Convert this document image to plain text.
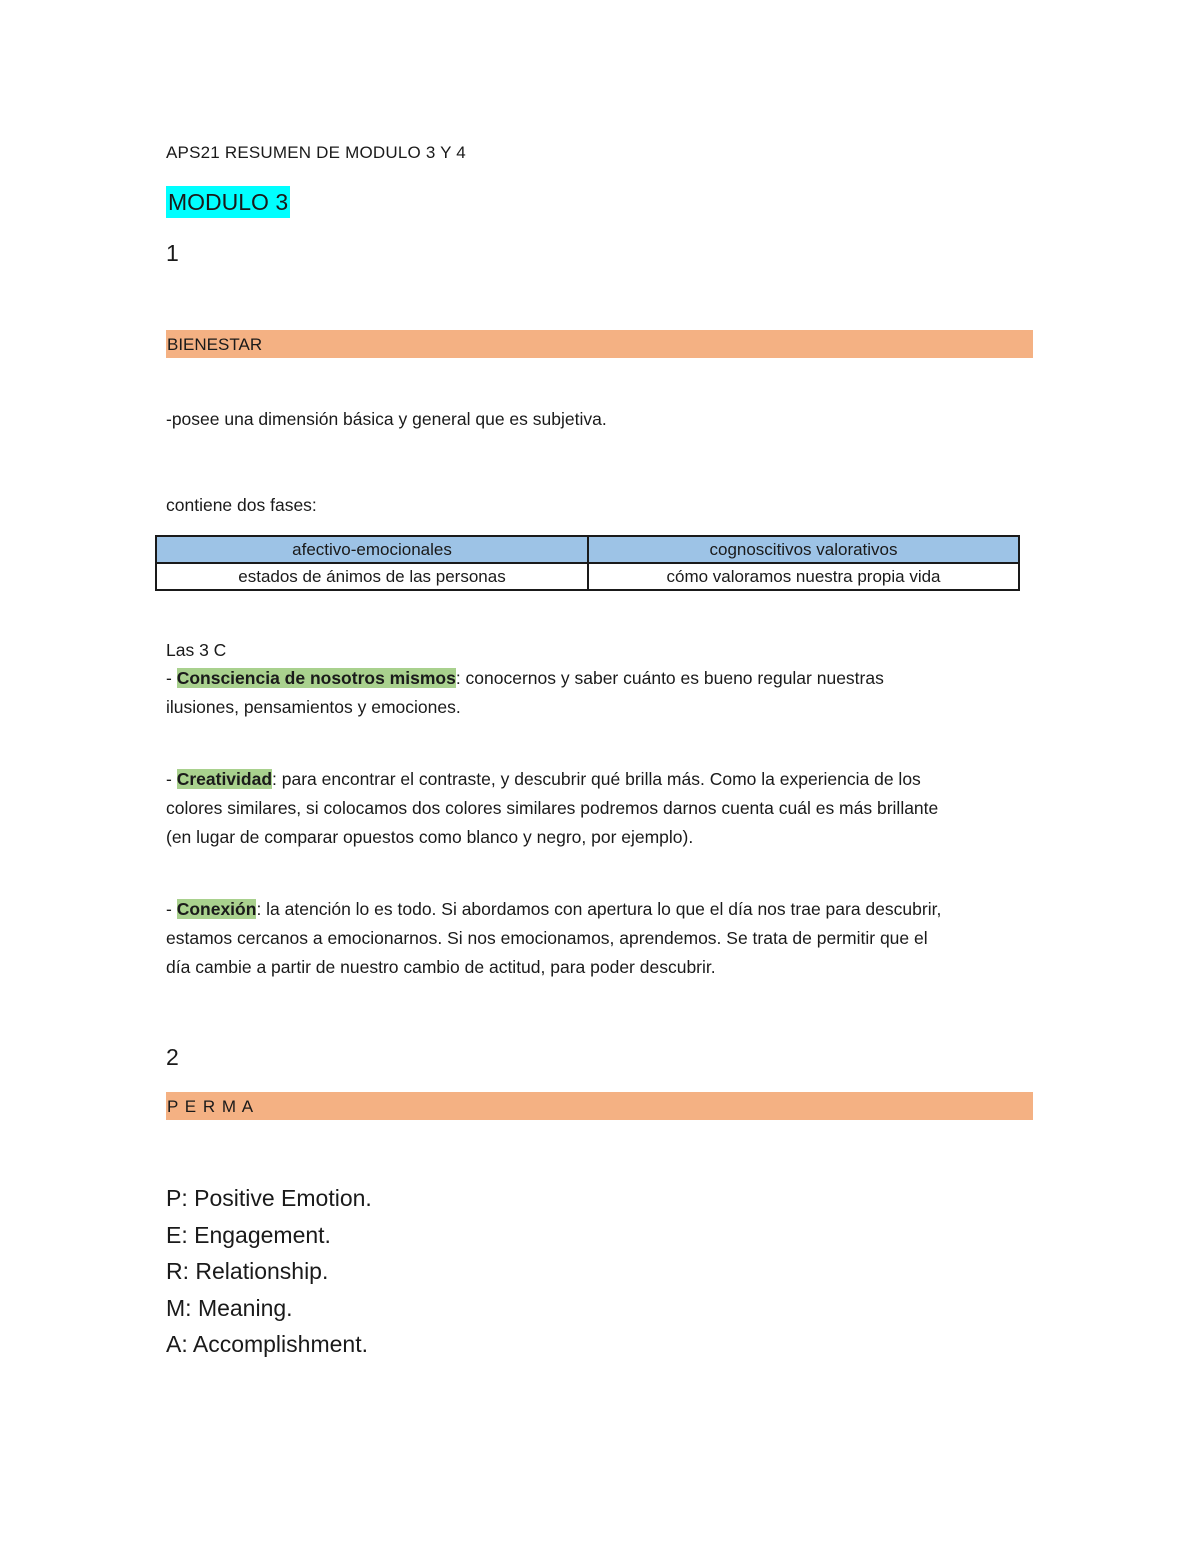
APS21 RESUMEN DE MODULO 3 Y 4
MODULO 3
1
BIENESTAR
-posee una dimensión básica y general que es subjetiva.
contiene dos fases:
afectivo-emocionales	cognoscitivos valorativos
estados de ánimos de las personas	cómo valoramos nuestra propia vida
Las 3 C
- Consciencia de nosotros mismos: conocernos y saber cuánto es bueno regular nuestras
ilusiones, pensamientos y emociones.
- Creatividad: para encontrar el contraste, y descubrir qué brilla más. Como la experiencia de los
colores similares, si colocamos dos colores similares podremos darnos cuenta cuál es más brillante
(en lugar de comparar opuestos como blanco y negro, por ejemplo).
- Conexión: la atención lo es todo. Si abordamos con apertura lo que el día nos trae para descubrir,
estamos cercanos a emocionarnos. Si nos emocionamos, aprendemos. Se trata de permitir que el
día cambie a partir de nuestro cambio de actitud, para poder descubrir.
2
P E R M A
P: Positive Emotion.
E: Engagement.
R: Relationship.
M: Meaning.
A: Accomplishment.
